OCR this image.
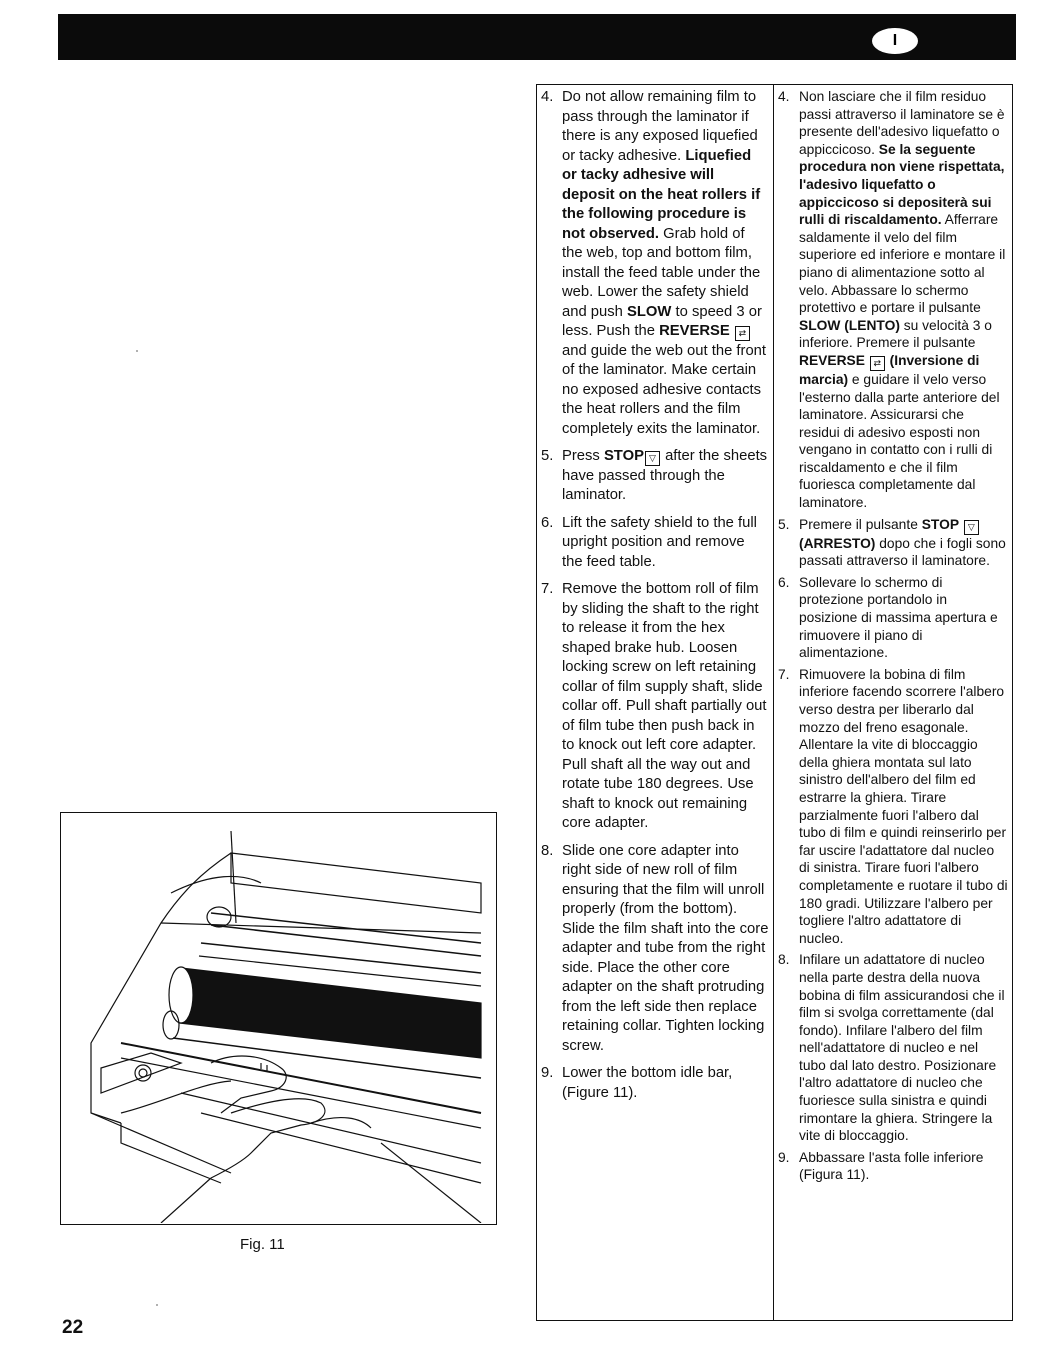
I
Fig. 11
22
4. Do not allow remaining film to pass through the laminator if there is any exposed liquefied or tacky adhesive. Liquefied or tacky adhesive will deposit on the heat rollers if the following procedure is not observed. Grab hold of the web, top and bottom film, install the feed table under the web. Lower the safety shield and push SLOW to speed 3 or less. Push the REVERSE ⇄ and guide the web out the front of the laminator. Make certain no exposed adhesive contacts the heat rollers and the film completely exits the laminator.
5. Press STOP ▽ after the sheets have passed through the laminator.
6. Lift the safety shield to the full upright position and remove the feed table.
7. Remove the bottom roll of film by sliding the shaft to the right to release it from the hex shaped brake hub. Loosen locking screw on left retaining collar of film supply shaft, slide collar off. Pull shaft partially out of film tube then push back in to knock out left core adapter. Pull shaft all the way out and rotate tube 180 degrees. Use shaft to knock out remaining core adapter.
8. Slide one core adapter into right side of new roll of film ensuring that the film will unroll properly (from the bottom). Slide the film shaft into the core adapter and tube from the right side. Place the other core adapter on the shaft protruding from the left side then replace retaining collar. Tighten locking screw.
9. Lower the bottom idle bar, (Figure 11).
4. Non lasciare che il film residuo passi attraverso il laminatore se è presente dell'adesivo liquefatto o appiccicoso. Se la seguente procedura non viene rispettata, l'adesivo liquefatto o appiccicoso si depositerà sui rulli di riscaldamento. Afferrare saldamente il velo del film superiore ed inferiore e montare il piano di alimentazione sotto al velo. Abbassare lo schermo protettivo e portare il pulsante SLOW (LENTO) su velocità 3 o inferiore. Premere il pulsante REVERSE ⇄ (Inversione di marcia) e guidare il velo verso l'esterno dalla parte anteriore del laminatore. Assicurarsi che residui di adesivo esposti non vengano in contatto con i rulli di riscaldamento e che il film fuoriesca completamente dal laminatore.
5. Premere il pulsante STOP ▽ (ARRESTO) dopo che i fogli sono passati attraverso il laminatore.
6. Sollevare lo schermo di protezione portandolo in posizione di massima apertura e rimuovere il piano di alimentazione.
7. Rimuovere la bobina di film inferiore facendo scorrere l'albero verso destra per liberarlo dal mozzo del freno esagonale. Allentare la vite di bloccaggio della ghiera montata sul lato sinistro dell'albero del film ed estrarre la ghiera. Tirare parzialmente fuori l'albero dal tubo di film e quindi reinserirlo per far uscire l'adattatore dal nucleo di sinistra. Tirare fuori l'albero completamente e ruotare il tubo di 180 gradi. Utilizzare l'albero per togliere l'altro adattatore di nucleo.
8. Infilare un adattatore di nucleo nella parte destra della nuova bobina di film assicurandosi che il film si svolga correttamente (dal fondo). Infilare l'albero del film nell'adattatore di nucleo e nel tubo dal lato destro. Posizionare l'altro adattatore di nucleo che fuoriesce sulla sinistra e quindi rimontare la ghiera. Stringere la vite di bloccaggio.
9. Abbassare l'asta folle inferiore (Figura 11).
